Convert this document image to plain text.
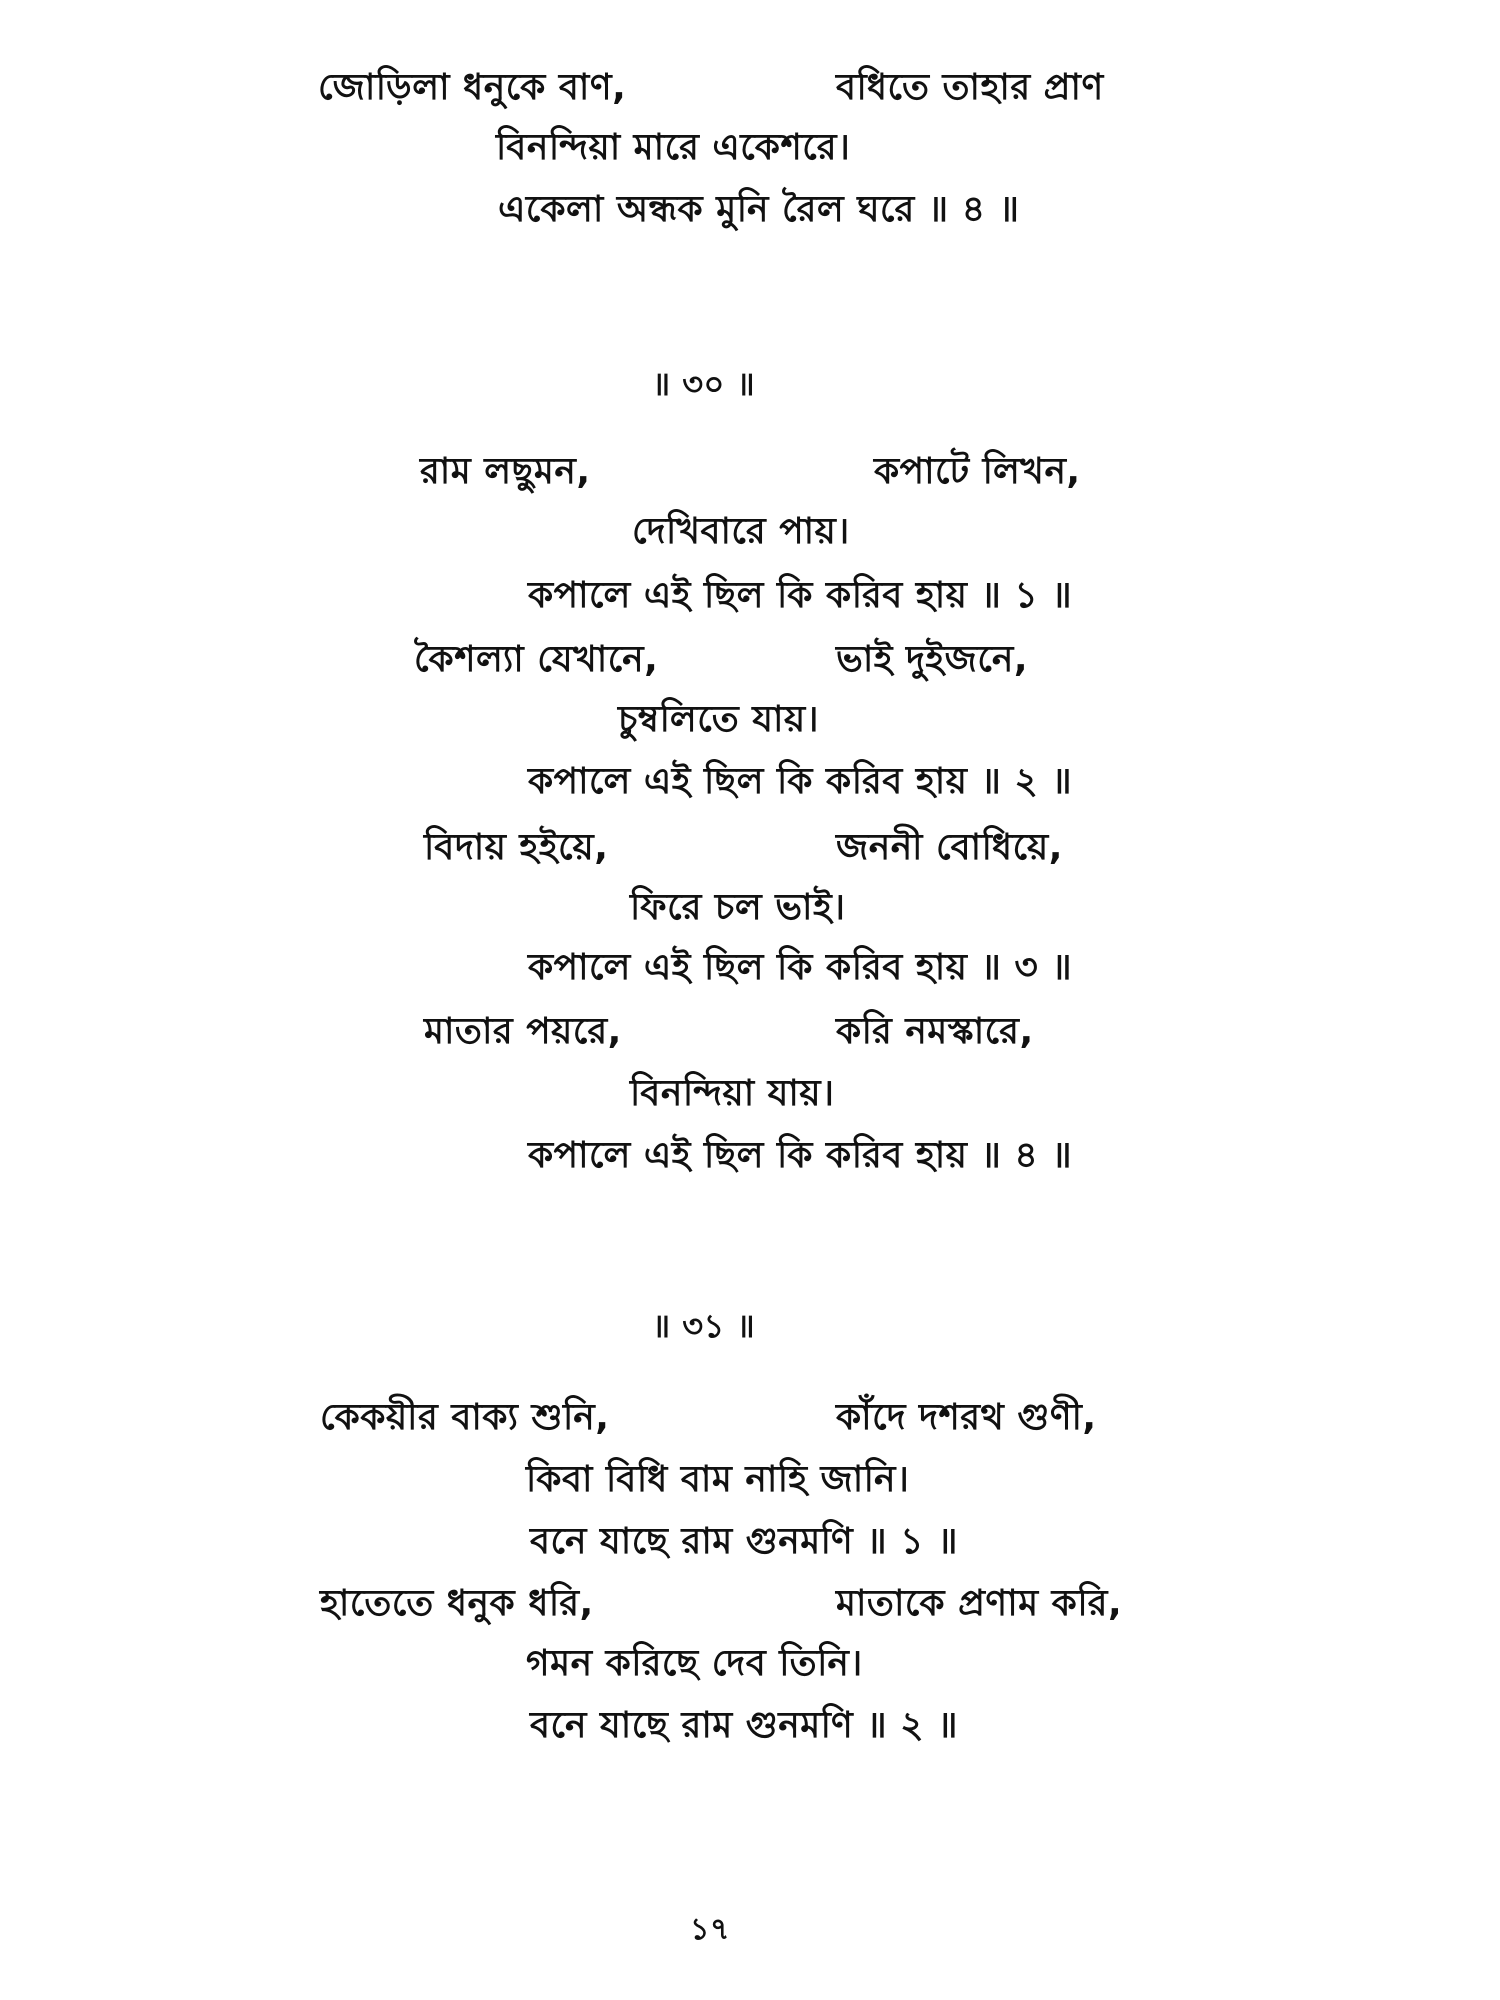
জোড়িলা ধনুকে বাণ,	বধিতে তাহার প্রাণ
বিনন্দিয়া মারে একেশরে।
একেলা অন্ধক মুনি রৈল ঘরে ॥ ৪ ॥
॥ ৩০ ॥
রাম লছুমন,	কপাটে লিখন,
দেখিবারে পায়।
কপালে এই ছিল কি করিব হায় ॥ ১ ॥
কৈশল্যা যেখানে,	ভাই দুইজনে,
চুম্বলিতে যায়।
কপালে এই ছিল কি করিব হায় ॥ ২ ॥
বিদায় হইয়ে,	জননী বোধিয়ে,
ফিরে চল ভাই।
কপালে এই ছিল কি করিব হায় ॥ ৩ ॥
মাতার পয়রে,	করি নমস্কারে,
বিনন্দিয়া যায়।
কপালে এই ছিল কি করিব হায় ॥ ৪ ॥
॥ ৩১ ॥
কেকয়ীর বাক্য শুনি,	কাঁদে দশরথ গুণী,
কিবা বিধি বাম নাহি জানি।
বনে যাছে রাম গুনমণি ॥ ১ ॥
হাতেতে ধনুক ধরি,	মাতাকে প্রণাম করি,
গমন করিছে দেব তিনি।
বনে যাছে রাম গুনমণি ॥ ২ ॥
১৭
